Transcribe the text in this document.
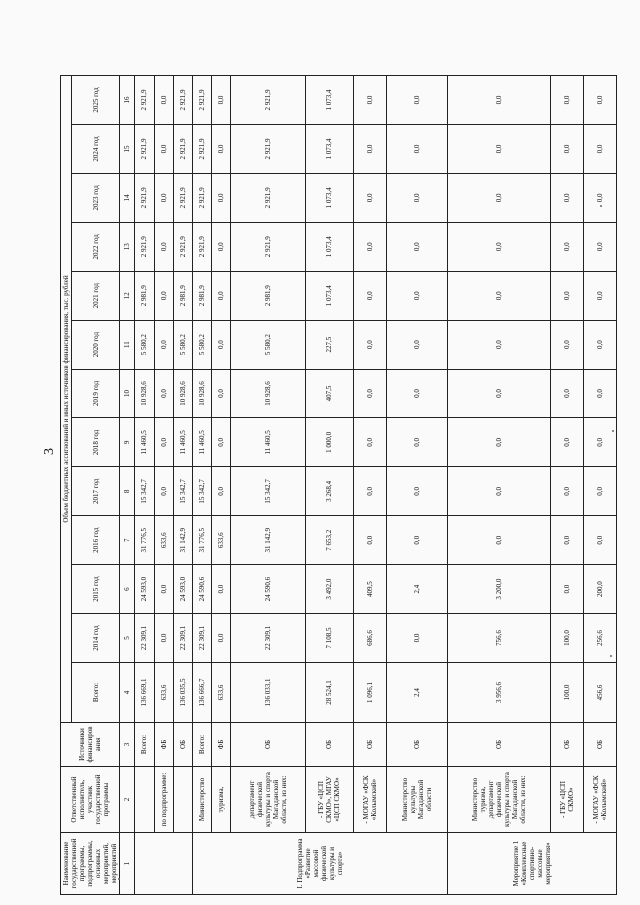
3
Наименование государственной программы, подпрограммы, основных мероприятий, мероприятий	Ответственный исполнитель, участник государственной программы	Источники финансирования	Объем бюджетных ассигнований и иных источников финансирования, тыс. рублей												
			Всего:	2014 год	2015 год	2016 год	2017 год	2018 год	2019 год	2020 год	2021 год	2022 год	2023 год	2024 год	2025 год

1	2	3	4	5	6	7	8	9	10	11	12	13	14	15	16
		Всего:	136 669,1	22 309,1	24 593,0	31 776,5	15 342,7	11 460,5	10 928,6	5 580,2	2 981,9	2 921,9	2 921,9	2 921,9	2 921,9
	по подпрограмме:	ФБ	633,6	0,0	0,0	633,6	0,0	0,0	0,0	0,0	0,0	0,0	0,0	0,0	0,0
		ОБ	136 035,5	22 309,1	24 593,0	31 142,9	15 342,7	11 460,5	10 928,6	5 580,2	2 981,9	2 921,9	2 921,9	2 921,9	2 921,9
I. Подпрограмма «Развитие массовой физической культуры и спорта»	Министерство	Всего:	136 666,7	22 309,1	24 590,6	31 776,5	15 342,7	11 460,5	10 928,6	5 580,2	2 981,9	2 921,9	2 921,9	2 921,9	2 921,9
	туризма,	ФБ	633,6	0,0	0,0	633,6	0,0	0,0	0,0	0,0	0,0	0,0	0,0	0,0	0,0
	департамент физической культуры и спорта Магаданской области, из них:	ОБ	136 033,1	22 309,1	24 590,6	31 142,9	15 342,7	11 460,5	10 928,6	5 580,2	2 981,9	2 921,9	2 921,9	2 921,9	2 921,9
	- ГБУ «ЦСП СКМО», МГАУ «ЦСП СКМО»	ОБ	28 524,1	7 108,5	3 492,0	7 653,2	3 268,4	1 000,0	407,5	227,5	1 073,4	1 073,4	1 073,4	1 073,4	1 073,4
	- МОГАУ «ФСК «Колымский»	ОБ	1 096,1	686,6	409,5	0,0	0,0	0,0	0,0	0,0	0,0	0,0	0,0	0,0	0,0
	Министерство культуры Магаданской области	ОБ	2,4	0,0	2,4	0,0	0,0	0,0	0,0	0,0	0,0	0,0	0,0	0,0	0,0
Мероприятие 1 «Комплексные спортивно-массовые мероприятия»	Министерство туризма, департамент физической культуры и спорта Магаданской области, из них:	ОБ	3 956,6	756,6	3 200,0	0,0	0,0	0,0	0,0	0,0	0,0	0,0	0,0	0,0	0,0
	- ГБУ «ЦСП СКМО»	ОБ	100,0	100,0	0,0	0,0	0,0	0,0	0,0	0,0	0,0	0,0	0,0	0,0	0,0
	- МОГАУ «ФСК «Колымский»	ОБ	456,6	256,6	200,0	0,0	0,0	0,0	0,0	0,0	0,0	0,0	0,0	0,0	0,0
